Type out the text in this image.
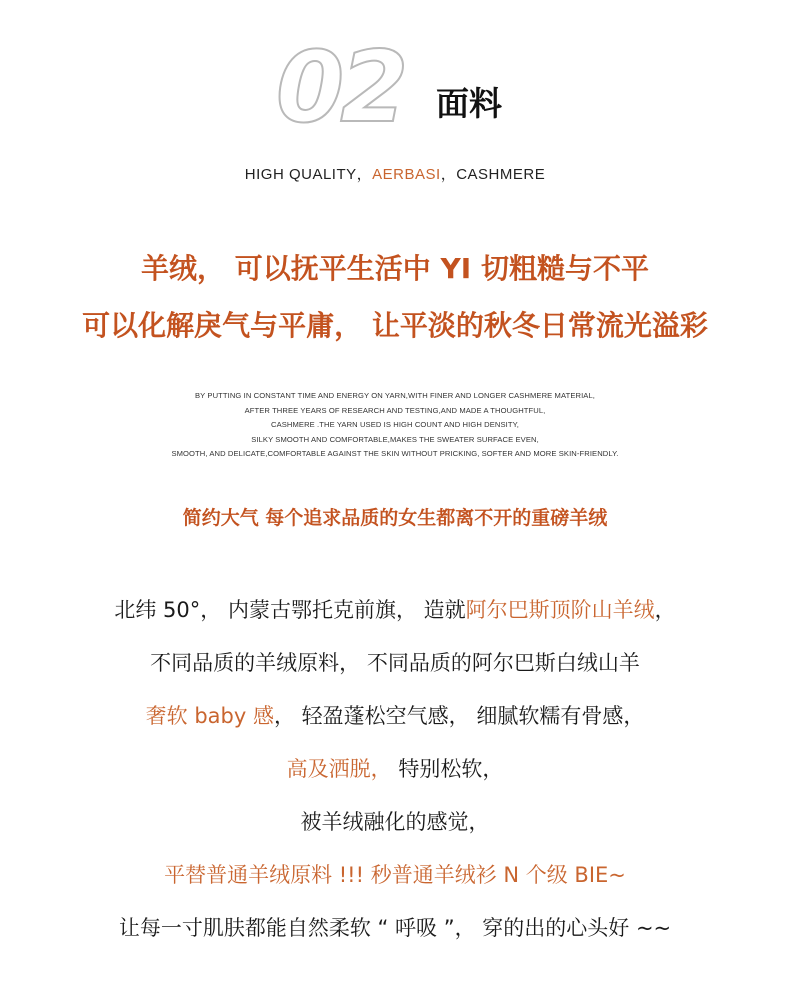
02 面料
HIGH QUALITY，AERBASI，CASHMERE
羊绒， 可以抚平生活中 YI 切粗糙与不平
可以化解戾气与平庸， 让平淡的秋冬日常流光溢彩
BY PUTTING IN CONSTANT TIME AND ENERGY ON YARN,WITH FINER AND LONGER CASHMERE MATERIAL,
AFTER THREE YEARS OF RESEARCH AND TESTING,AND MADE A THOUGHTFUL,
CASHMERE .THE YARN USED IS HIGH COUNT AND HIGH DENSITY,
SILKY SMOOTH AND COMFORTABLE,MAKES THE SWEATER SURFACE EVEN,
SMOOTH, AND DELICATE,COMFORTABLE AGAINST THE SKIN WITHOUT PRICKING, SOFTER AND MORE SKIN-FRIENDLY.
简约大气 每个追求品质的女生都离不开的重磅羊绒
北纬 50°， 内蒙古鄂托克前旗， 造就阿尔巴斯顶阶山羊绒，
不同品质的羊绒原料， 不同品质的阿尔巴斯白绒山羊
奢软 baby 感， 轻盈蓬松空气感， 细腻软糯有骨感，
高及洒脱， 特别松软，
被羊绒融化的感觉，
平替普通羊绒原料 !!! 秒普通羊绒衫 N 个级 BIE~
让每一寸肌肤都能自然柔软 “ 呼吸 ”， 穿的出的心头好 ~~
